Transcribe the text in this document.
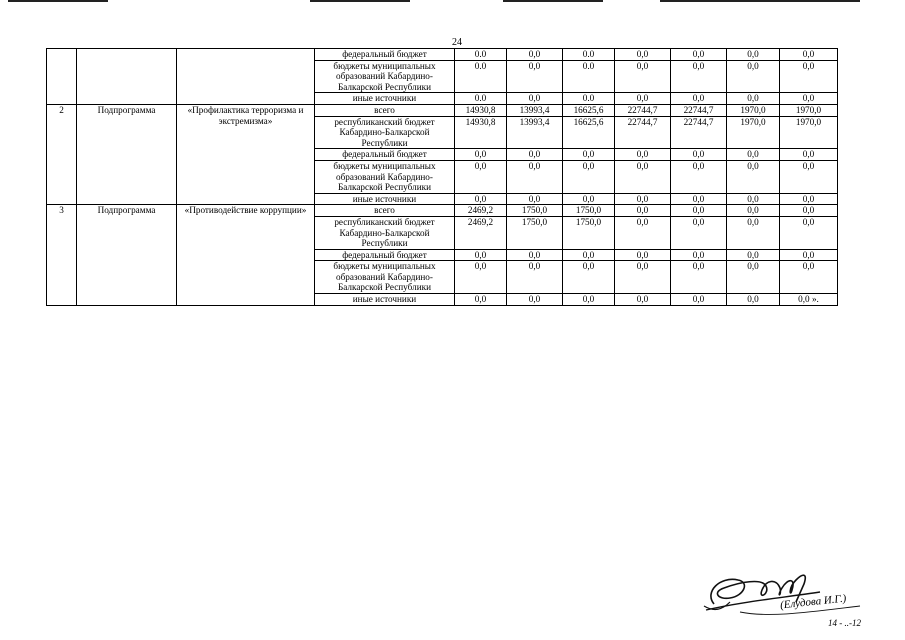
24
			федеральный бюджет	0.0	0,0	0.0	0,0	0,0	0,0	0,0
			бюджеты муниципальных образований Кабардино-Балкарской Республики	0.0	0,0	0.0	0,0	0,0	0,0	0,0
			иные источники	0.0	0,0	0.0	0,0	0,0	0,0	0,0
2	Подпрограмма	«Профилактика терроризма и экстремизма»	всего	14930,8	13993,4	16625,6	22744,7	22744,7	1970,0	1970,0
			республиканский бюджет Кабардино-Балкарской Республики	14930,8	13993,4	16625,6	22744,7	22744,7	1970,0	1970,0
			федеральный бюджет	0,0	0,0	0,0	0,0	0,0	0,0	0,0
			бюджеты муниципальных образований Кабардино-Балкарской Республики	0,0	0,0	0,0	0,0	0,0	0,0	0,0
			иные источники	0,0	0,0	0,0	0,0	0,0	0,0	0,0
3	Подпрограмма	«Противодействие коррупции»	всего	2469,2	1750,0	1750,0	0,0	0,0	0,0	0,0
			республиканский бюджет Кабардино-Балкарской Республики	2469,2	1750,0	1750,0	0,0	0,0	0,0	0,0
			федеральный бюджет	0,0	0,0	0,0	0,0	0,0	0,0	0,0
			бюджеты муниципальных образований Кабардино-Балкарской Республики	0,0	0,0	0,0	0,0	0,0	0,0	0,0
			иные источники	0,0	0,0	0,0	0,0	0,0	0,0	0,0 ».
(Елудова И.Г.)
14 - ..-12
